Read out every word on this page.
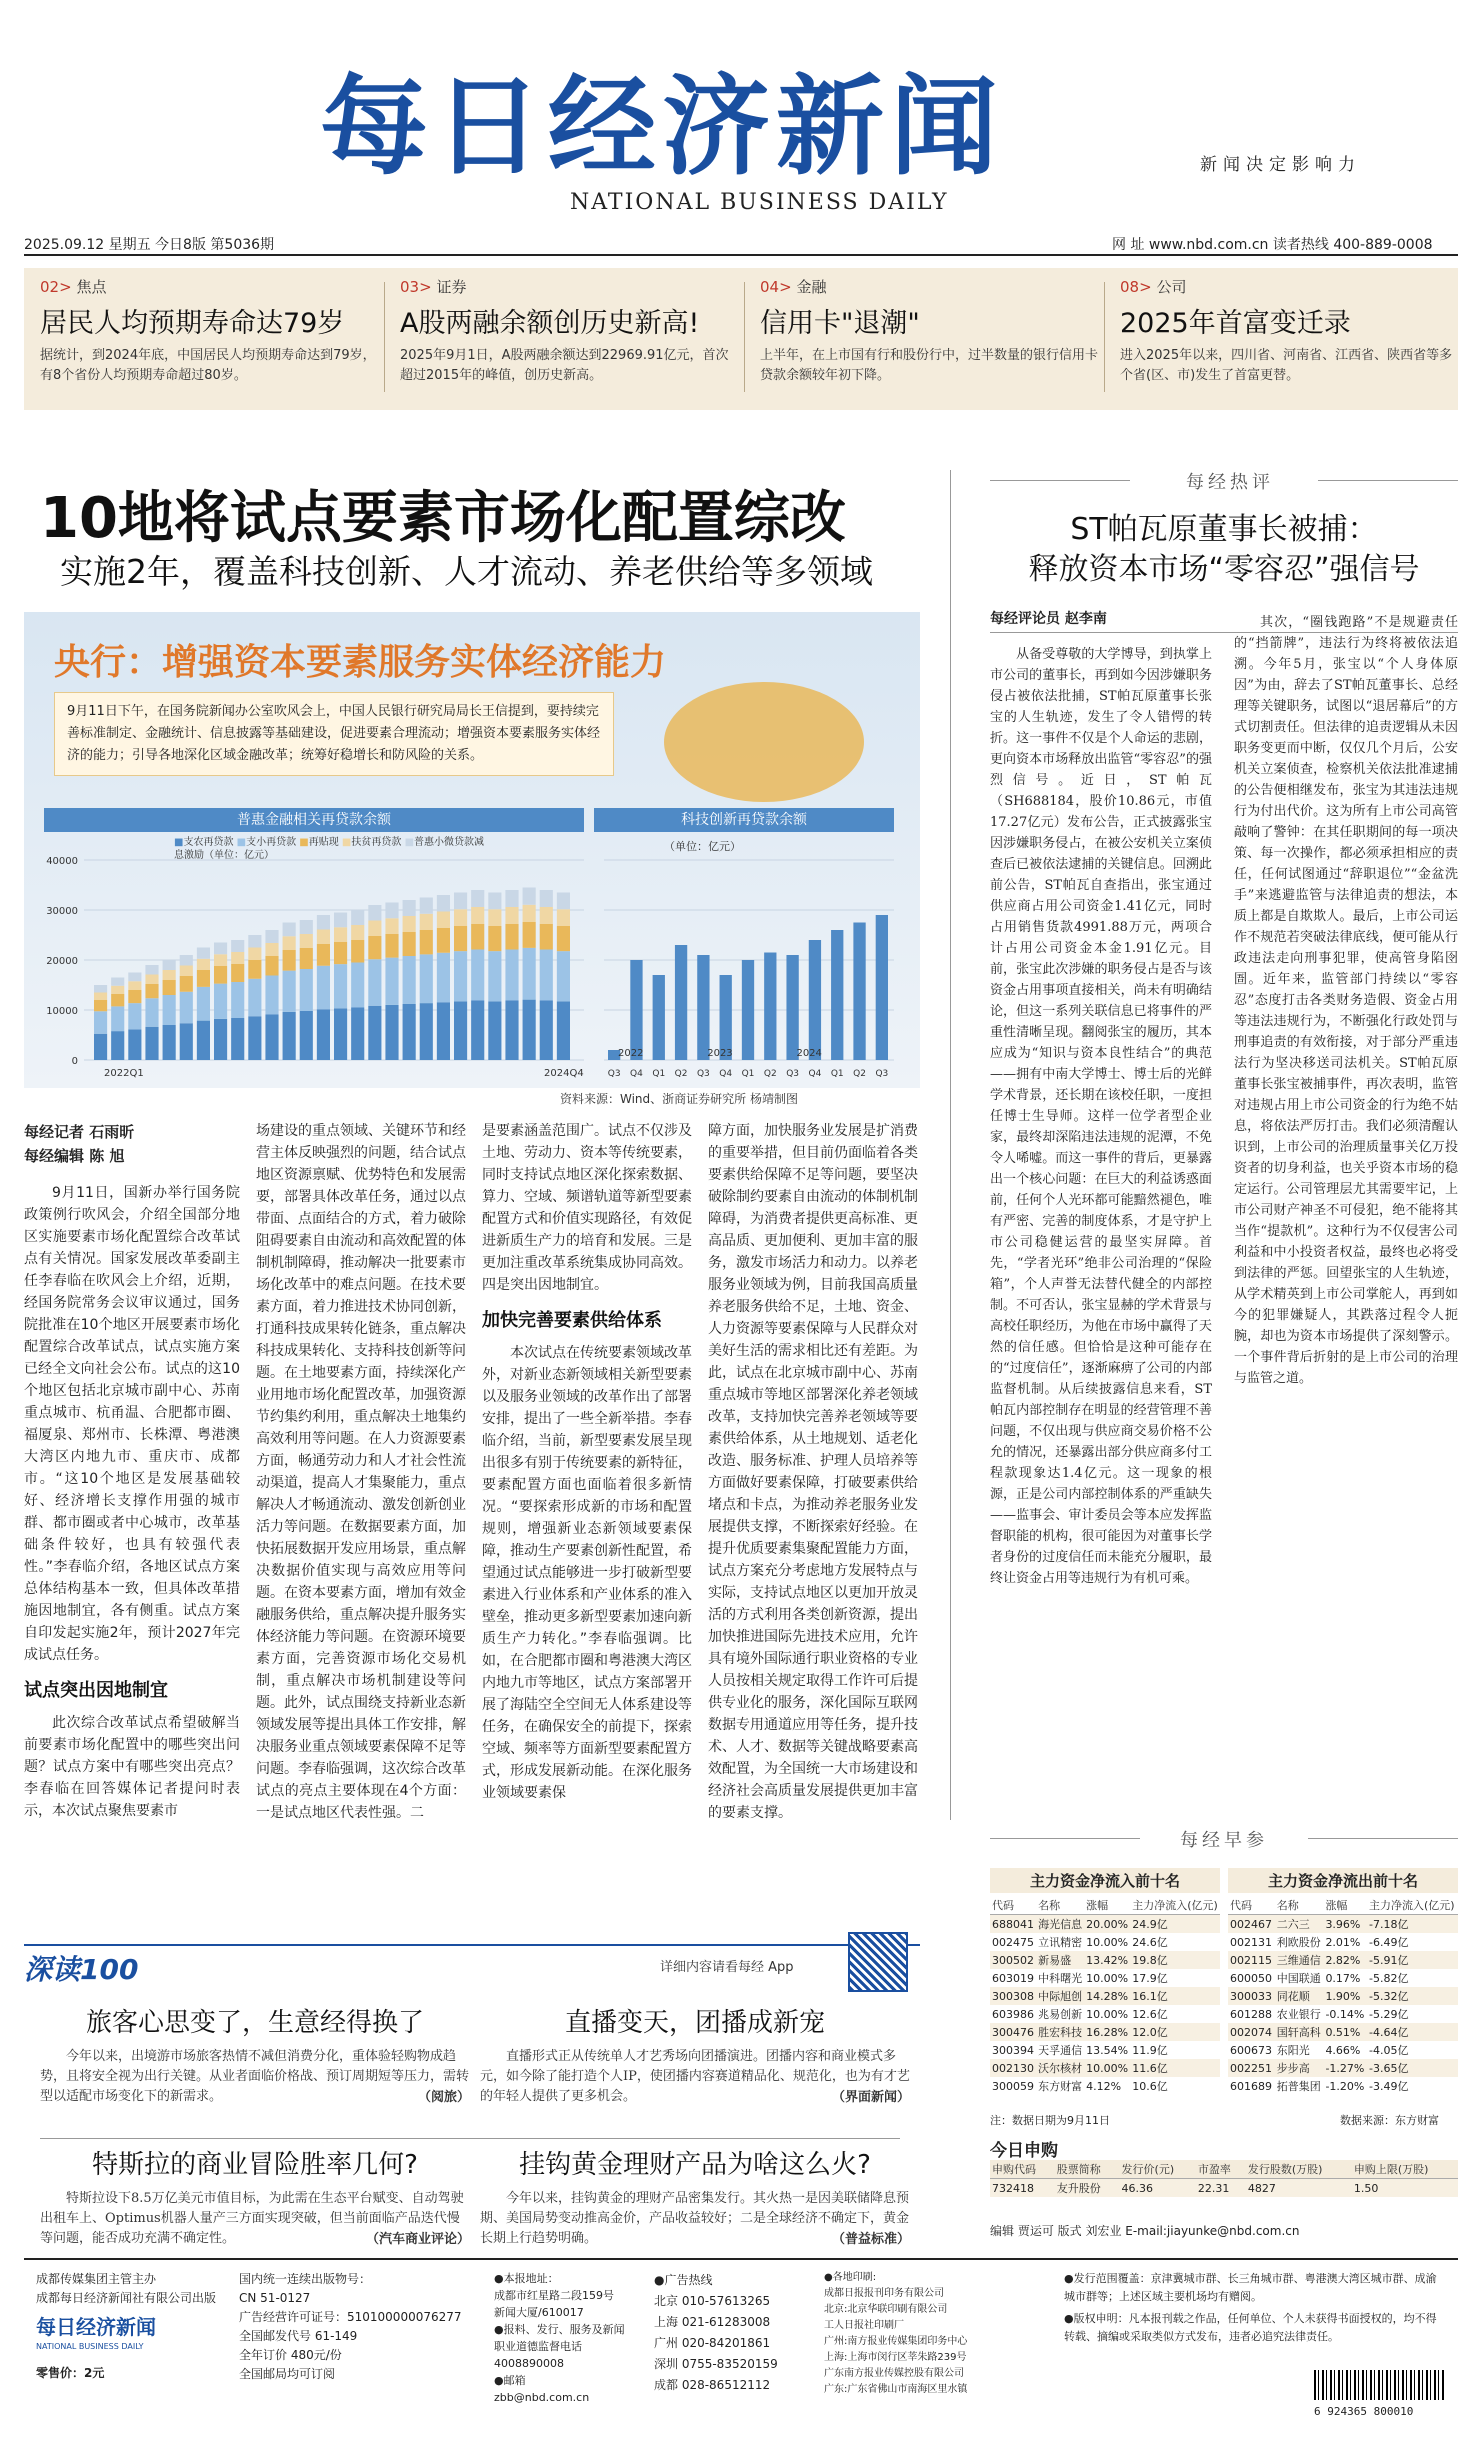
每日经济新闻
NATIONAL BUSINESS DAILY
新闻决定影响力
2025.09.12 星期五 今日8版 第5036期	网 址 www.nbd.com.cn 读者热线 400-889-0008
02> 焦点
居民人均预期寿命达79岁
据统计，到2024年底，中国居民人均预期寿命达到79岁，有8个省份人均预期寿命超过80岁。
03> 证券
A股两融余额创历史新高!
2025年9月1日，A股两融余额达到22969.91亿元，首次超过2015年的峰值，创历史新高。
04> 金融
信用卡"退潮"
上半年，在上市国有行和股份行中，过半数量的银行信用卡贷款余额较年初下降。
08> 公司
2025年首富变迁录
进入2025年以来，四川省、河南省、江西省、陕西省等多个省(区、市)发生了首富更替。
10地将试点要素市场化配置综改
实施2年，覆盖科技创新、人才流动、养老供给等多领域
央行：增强资本要素服务实体经济能力
9月11日下午，在国务院新闻办公室吹风会上，中国人民银行研究局局长王信提到，要持续完善标准制定、金融统计、信息披露等基础建设，促进要素合理流动；增强资本要素服务实体经济的能力；引导各地深化区域金融改革；统筹好稳增长和防风险的关系。
普惠金融相关再贷款余额	科技创新再贷款余额
■支农再贷款 ■支小再贷款 ■再贴现 ■扶贫再贷款 ■普惠小微贷款减息激励（单位：亿元）
（单位：亿元）
0
10000
20000
30000
40000
2022Q1	2024Q4	Q3 Q4 Q1 Q2 Q3 Q4 Q1 Q2 Q3 Q4 Q1 Q2 Q3
2022	2023	2024
资料来源：Wind、浙商证券研究所 杨靖制图
每经记者 石雨昕
每经编辑 陈 旭

9月11日，国新办举行国务院政策例行吹风会，介绍全国部分地区实施要素市场化配置综合改革试点有关情况。国家发展改革委副主任李春临在吹风会上介绍，近期，经国务院常务会议审议通过，国务院批准在10个地区开展要素市场化配置综合改革试点，试点实施方案已经全文向社会公布。试点的这10个地区包括北京城市副中心、苏南重点城市、杭甬温、合肥都市圈、福厦泉、郑州市、长株潭、粤港澳大湾区内地九市、重庆市、成都市。“这10个地区是发展基础较好、经济增长支撑作用强的城市群、都市圈或者中心城市，改革基础条件较好，也具有较强代表性。”李春临介绍，各地区试点方案总体结构基本一致，但具体改革措施因地制宜，各有侧重。试点方案自印发起实施2年，预计2027年完成试点任务。

试点突出因地制宜

此次综合改革试点希望破解当前要素市场化配置中的哪些突出问题？试点方案中有哪些突出亮点？李春临在回答媒体记者提问时表示，本次试点聚焦要素市

场建设的重点领域、关键环节和经营主体反映强烈的问题，结合试点地区资源禀赋、优势特色和发展需要，部署具体改革任务，通过以点带面、点面结合的方式，着力破除阻碍要素自由流动和高效配置的体制机制障碍，推动解决一批要素市场化改革中的难点问题。在技术要素方面，着力推进技术协同创新，打通科技成果转化链条，重点解决科技成果转化、支持科技创新等问题。在土地要素方面，持续深化产业用地市场化配置改革，加强资源节约集约利用，重点解决土地集约高效利用等问题。在人力资源要素方面，畅通劳动力和人才社会性流动渠道，提高人才集聚能力，重点解决人才畅通流动、激发创新创业活力等问题。在数据要素方面，加快拓展数据开发应用场景，重点解决数据价值实现与高效应用等问题。在资本要素方面，增加有效金融服务供给，重点解决提升服务实体经济能力等问题。在资源环境要素方面，完善资源市场化交易机制，重点解决市场机制建设等问题。此外，试点围绕支持新业态新领域发展等提出具体工作安排，解决服务业重点领域要素保障不足等问题。李春临强调，这次综合改革试点的亮点主要体现在4个方面：一是试点地区代表性强。二

是要素涵盖范围广。试点不仅涉及土地、劳动力、资本等传统要素，同时支持试点地区深化探索数据、算力、空域、频谱轨道等新型要素配置方式和价值实现路径，有效促进新质生产力的培育和发展。三是更加注重改革系统集成协同高效。四是突出因地制宜。

加快完善要素供给体系

本次试点在传统要素领域改革外，对新业态新领域相关新型要素以及服务业领域的改革作出了部署安排，提出了一些全新举措。李春临介绍，当前，新型要素发展呈现出很多有别于传统要素的新特征，要素配置方面也面临着很多新情况。“要探索形成新的市场和配置规则，增强新业态新领域要素保障，推动生产要素创新性配置，希望通过试点能够进一步打破新型要素进入行业体系和产业体系的准入壁垒，推动更多新型要素加速向新质生产力转化。”李春临强调。比如，在合肥都市圈和粤港澳大湾区内地九市等地区，试点方案部署开展了海陆空全空间无人体系建设等任务，在确保安全的前提下，探索空域、频率等方面新型要素配置方式，形成发展新动能。在深化服务业领域要素保

障方面，加快服务业发展是扩消费的重要举措，但目前仍面临着各类要素供给保障不足等问题，要坚决破除制约要素自由流动的体制机制障碍，为消费者提供更高标准、更高品质、更加便利、更加丰富的服务，激发市场活力和动力。以养老服务业领域为例，目前我国高质量养老服务供给不足，土地、资金、人力资源等要素保障与人民群众对美好生活的需求相比还有差距。为此，试点在北京城市副中心、苏南重点城市等地区部署深化养老领域改革，支持加快完善养老领域等要素供给体系，从土地规划、适老化改造、服务标准、护理人员培养等方面做好要素保障，打破要素供给堵点和卡点，为推动养老服务业发展提供支撑，不断探索好经验。在提升优质要素集聚配置能力方面，试点方案充分考虑地方发展特点与实际，支持试点地区以更加开放灵活的方式利用各类创新资源，提出加快推进国际先进技术应用，允许具有境外国际通行职业资格的专业人员按相关规定取得工作许可后提供专业化的服务，深化国际互联网数据专用通道应用等任务，提升技术、人才、数据等关键战略要素高效配置，为全国统一大市场建设和经济社会高质量发展提供更加丰富的要素支撑。

每经热评
ST帕瓦原董事长被捕：
释放资本市场“零容忍”强信号
每经评论员 赵李南

从备受尊敬的大学博导，到执掌上市公司的董事长，再到如今因涉嫌职务侵占被依法批捕，ST帕瓦原董事长张宝的人生轨迹，发生了令人错愕的转折。这一事件不仅是个人命运的悲剧，更向资本市场释放出监管“零容忍”的强烈信号。近日，ST帕瓦（SH688184，股价10.86元，市值17.27亿元）发布公告，正式披露张宝因涉嫌职务侵占，在被公安机关立案侦查后已被依法逮捕的关键信息。回溯此前公告，ST帕瓦自查指出，张宝通过供应商占用公司资金1.41亿元，同时占用销售货款4991.88万元，两项合计占用公司资金本金1.91亿元。目前，张宝此次涉嫌的职务侵占是否与该资金占用事项直接相关，尚未有明确结论，但这一系列关联信息已将事件的严重性清晰呈现。翻阅张宝的履历，其本应成为“知识与资本良性结合”的典范——拥有中南大学博士、博士后的光鲜学术背景，还长期在该校任职，一度担任博士生导师。这样一位学者型企业家，最终却深陷违法违规的泥潭，不免令人唏嘘。而这一事件的背后，更暴露出一个核心问题：在巨大的利益诱惑面前，任何个人光环都可能黯然褪色，唯有严密、完善的制度体系，才是守护上市公司稳健运营的最坚实屏障。首先，“学者光环”绝非公司治理的“保险箱”，个人声誉无法替代健全的内部控制。不可否认，张宝显赫的学术背景与高校任职经历，为他在市场中赢得了天然的信任感。但恰恰是这种可能存在的“过度信任”，逐渐麻痹了公司的内部监督机制。从后续披露信息来看，ST帕瓦内部控制存在明显的经营管理不善问题，不仅出现与供应商交易价格不公允的情况，还暴露出部分供应商多付工程款现象达1.4亿元。这一现象的根源，正是公司内部控制体系的严重缺失——监事会、审计委员会等本应发挥监督职能的机构，很可能因为对董事长学者身份的过度信任而未能充分履职，最终让资金占用等违规行为有机可乘。

其次，“圈钱跑路”不是规避责任的“挡箭牌”，违法行为终将被依法追溯。今年5月，张宝以“个人身体原因”为由，辞去了ST帕瓦董事长、总经理等关键职务，试图以“退居幕后”的方式切割责任。但法律的追责逻辑从未因职务变更而中断，仅仅几个月后，公安机关立案侦查，检察机关依法批准逮捕的公告便相继发布，张宝为其违法违规行为付出代价。这为所有上市公司高管敲响了警钟：在其任职期间的每一项决策、每一次操作，都必须承担相应的责任，任何试图通过“辞职退位”“金盆洗手”来逃避监管与法律追责的想法，本质上都是自欺欺人。最后，上市公司运作不规范若突破法律底线，便可能从行政违法走向刑事犯罪，使高管身陷囹圄。近年来，监管部门持续以“零容忍”态度打击各类财务造假、资金占用等违法违规行为，不断强化行政处罚与刑事追责的有效衔接，对于部分严重违法行为坚决移送司法机关。ST帕瓦原董事长张宝被捕事件，再次表明，监管对违规占用上市公司资金的行为绝不姑息，将依法严厉打击。我们必须清醒认识到，上市公司的治理质量事关亿万投资者的切身利益，也关乎资本市场的稳定运行。公司管理层尤其需要牢记，上市公司财产神圣不可侵犯，绝不能将其当作“提款机”。这种行为不仅侵害公司利益和中小投资者权益，最终也必将受到法律的严惩。回望张宝的人生轨迹，从学术精英到上市公司掌舵人，再到如今的犯罪嫌疑人，其跌落过程令人扼腕，却也为资本市场提供了深刻警示。一个事件背后折射的是上市公司的治理与监管之道。

每经早参
主力资金净流入前十名	主力资金净流出前十名
代码	名称	涨幅	主力净流入(亿元)
688041	海光信息	20.00%	24.9亿
002475	立讯精密	10.00%	24.6亿
300502	新易盛	13.42%	19.8亿
603019	中科曙光	10.00%	17.9亿
300308	中际旭创	14.28%	16.1亿
603986	兆易创新	10.00%	12.6亿
300476	胜宏科技	16.28%	12.0亿
300394	天孚通信	13.54%	11.9亿
002130	沃尔核材	10.00%	11.6亿
300059	东方财富	4.12%	10.6亿
代码	名称	涨幅	主力净流入(亿元)
002467	二六三	3.96%	-7.18亿
002131	利欧股份	2.01%	-6.49亿
002115	三维通信	2.82%	-5.91亿
600050	中国联通	0.17%	-5.82亿
300033	同花顺	1.90%	-5.32亿
601288	农业银行	-0.14%	-5.29亿
002074	国轩高科	0.51%	-4.64亿
600673	东阳光	4.66%	-4.05亿
002251	步步高	-1.27%	-3.65亿
601689	拓普集团	-1.20%	-3.49亿
注：数据日期为9月11日	数据来源：东方财富
今日申购
申购代码	股票简称	发行价(元)	市盈率	发行股数(万股)	申购上限(万股)
732418	友升股份	46.36	22.31	4827	1.50
编辑 贾运可 版式 刘宏业 E-mail:jiayunke@nbd.com.cn
深读100	详细内容请看每经 App
旅客心思变了，生意经得换了
今年以来，出境游市场旅客热情不减但消费分化，重体验轻购物成趋势，且将安全视为出行关键。从业者面临价格战、预订周期短等压力，需转型以适配市场变化下的新需求。	（阅旅）
直播变天，团播成新宠
直播形式正从传统单人才艺秀场向团播演进。团播内容和商业模式多元，如今除了能打造个人IP，使团播内容赛道精品化、规范化，也为有才艺的年轻人提供了更多机会。	（界面新闻）
特斯拉的商业冒险胜率几何?
特斯拉设下8.5万亿美元市值目标，为此需在生态平台赋变、自动驾驶出租车上、Optimus机器人量产三方面实现突破，但当前面临产品迭代慢等问题，能否成功充满不确定性。	（汽车商业评论）
挂钩黄金理财产品为啥这么火?
今年以来，挂钩黄金的理财产品密集发行。其火热一是因美联储降息预期、美国局势变动推高金价，产品收益较好；二是全球经济不确定下，黄金长期上行趋势明确。	（普益标准）
成都传媒集团主管主办
成都每日经济新闻社有限公司出版
每日经济新闻
NATIONAL BUSINESS DAILY
零售价：2元
国内统一连续出版物号：
CN 51-0127
广告经营许可证号：510100000076277
全国邮发代号 61-149
全年订价 480元/份
全国邮局均可订阅
●本报地址：
成都市红星路二段159号
新闻大厦/610017
●报料、发行、服务及新闻
职业道德监督电话
4008890008
●邮箱
zbb@nbd.com.cn
●广告热线
北京 010-57613265
上海 021-61283008
广州 020-84201861
深圳 0755-83520159
成都 028-86512112
●各地印刷:
成都日报报刊印务有限公司
北京:北京华联印刷有限公司
工人日报社印刷厂
广州:南方报业传媒集团印务中心
上海:上海市闵行区莘朱路239号
广东南方报业传媒控股有限公司
广东:广东省佛山市南海区里水镇
●发行范围覆盖：京津冀城市群、长三角城市群、粤港澳大湾区城市群、成渝城市群等；上述区域主要机场均有赠阅。
●版权申明：凡本报刊载之作品，任何单位、个人未获得书面授权的，均不得转载、摘编或采取类似方式发布，违者必追究法律责任。
6 924365 800010
